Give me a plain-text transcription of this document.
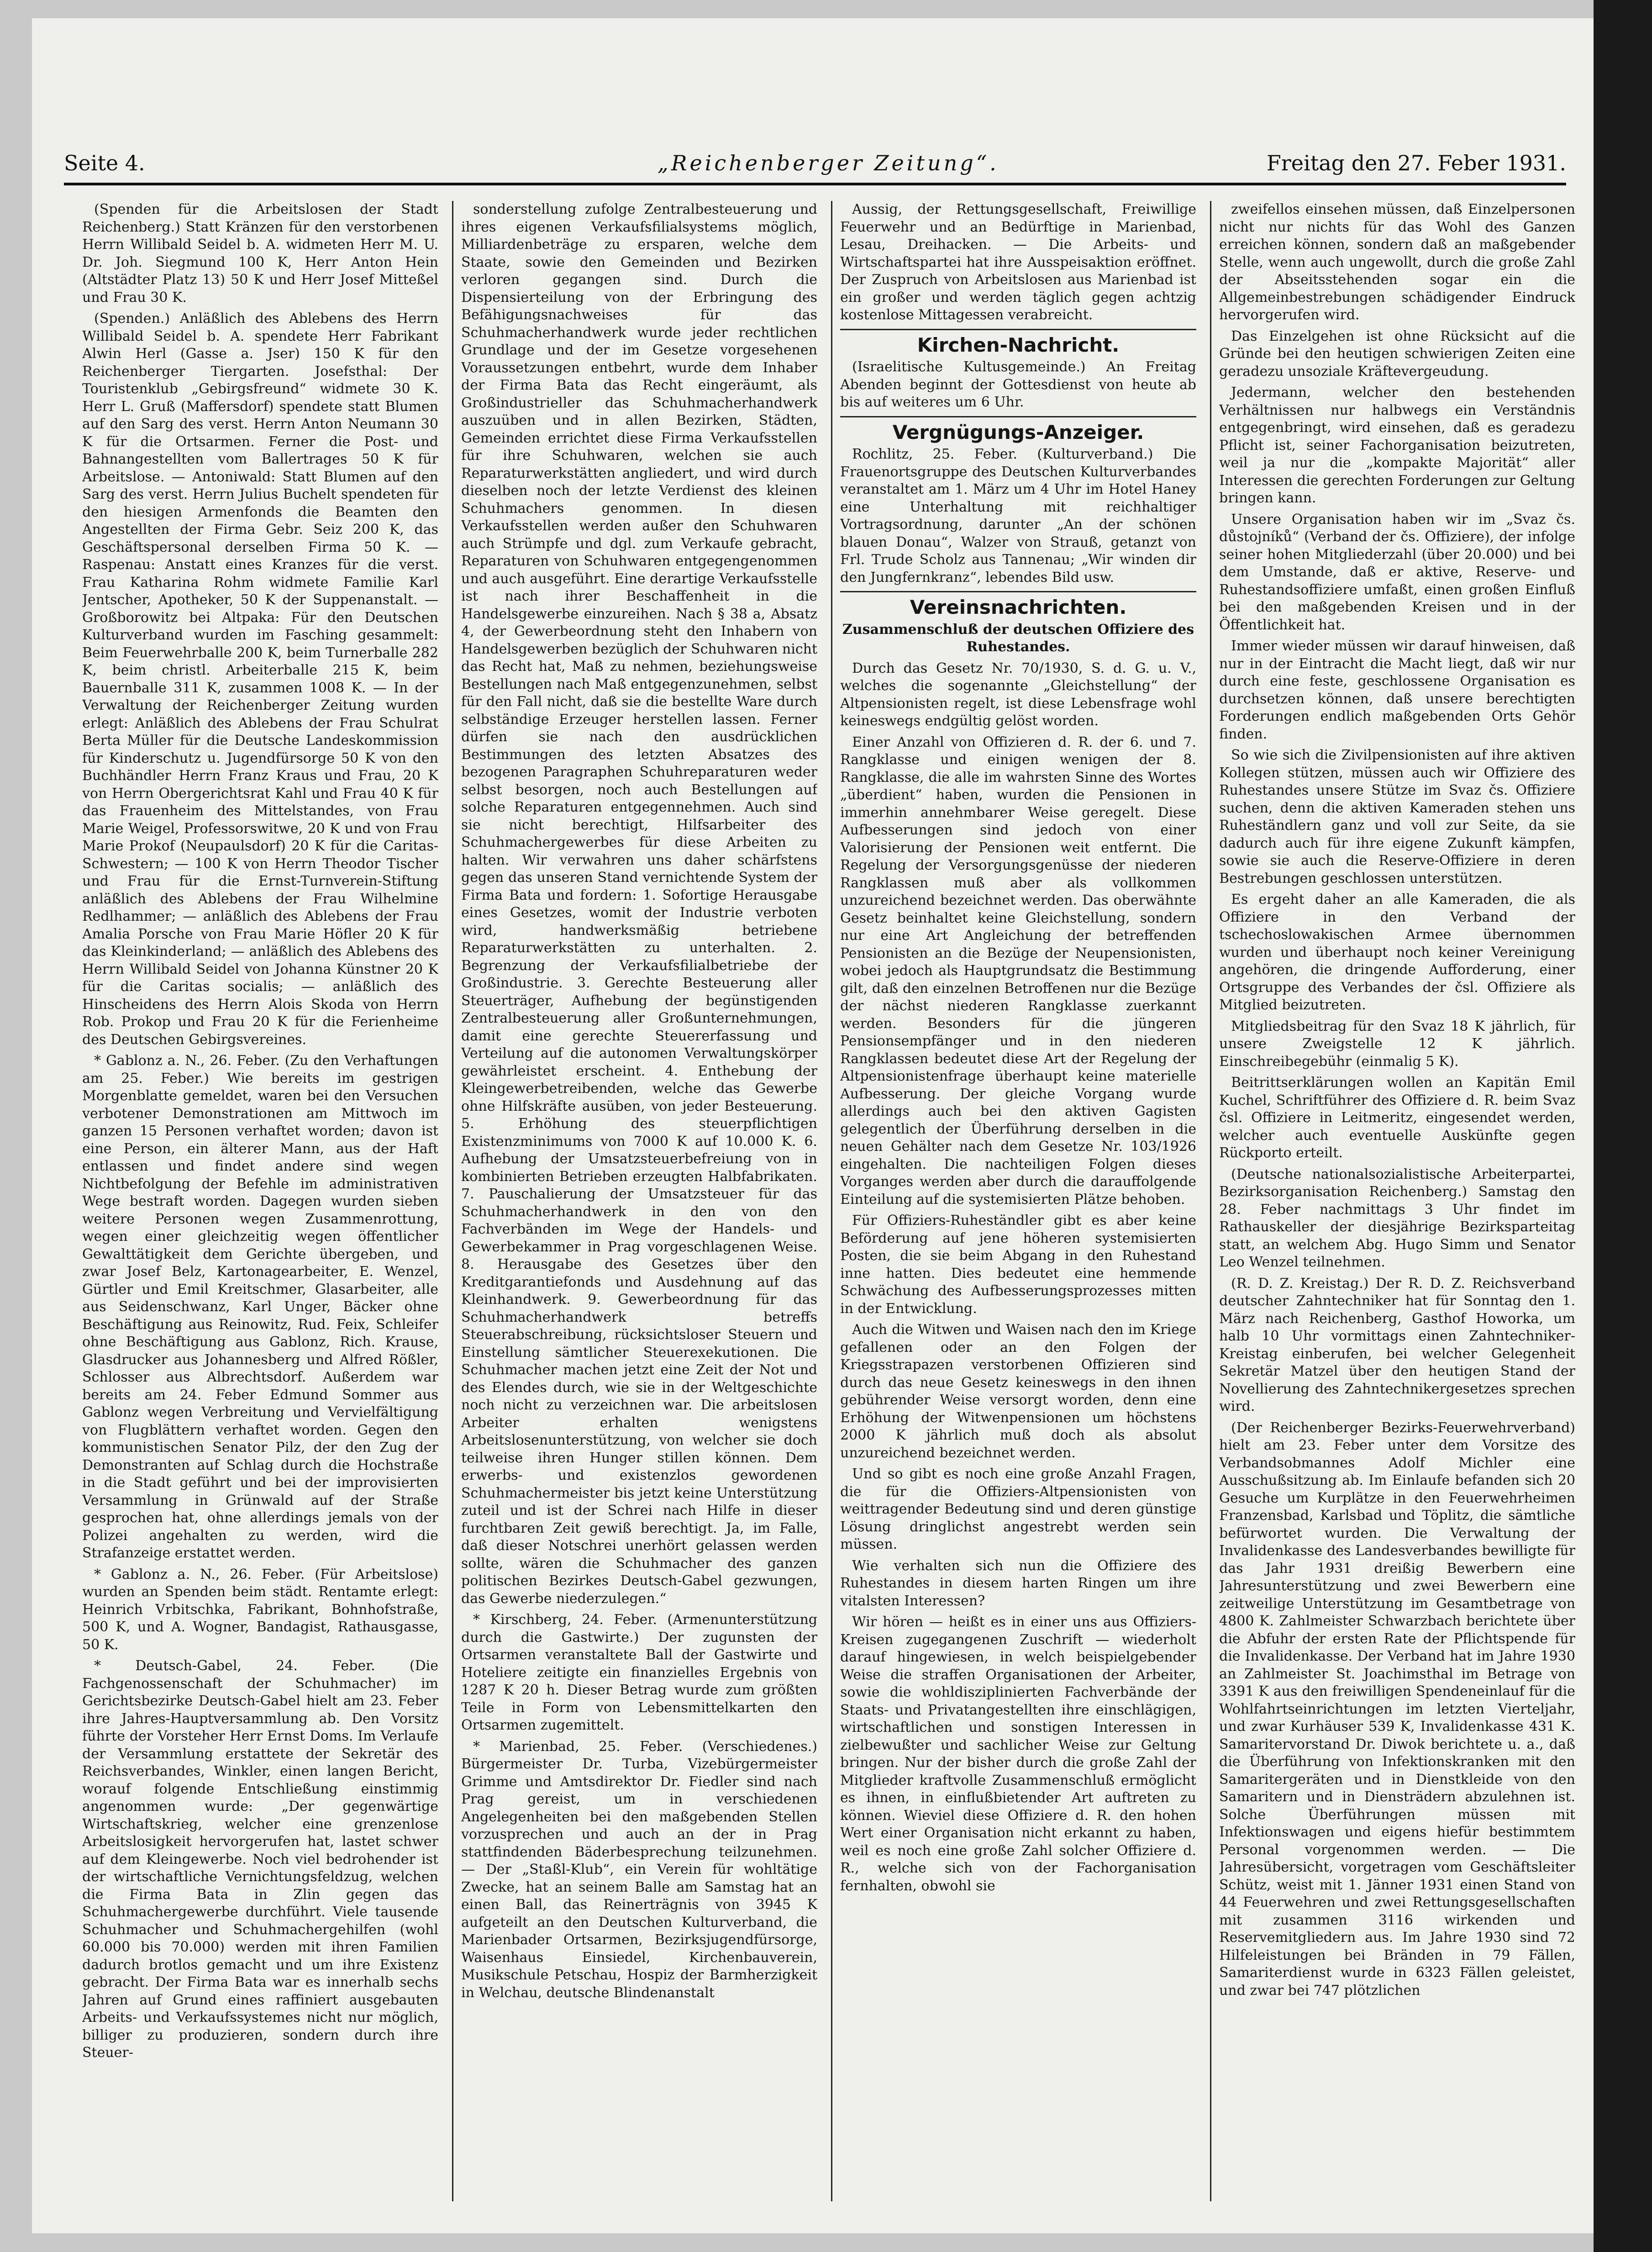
Seite 4.	„Reichenberger Zeitung“.	Freitag den 27. Feber 1931.

(Spenden für die Arbeitslosen der Stadt Reichenberg.) Statt Kränzen für den verstorbenen Herrn Willibald Seidel b. A. widmeten Herr M. U. Dr. Joh. Siegmund 100 K, Herr Anton Hein (Altstädter Platz 13) 50 K und Herr Josef Mitteßel und Frau 30 K.

(Spenden.) Anläßlich des Ablebens des Herrn Willibald Seidel b. A. spendete Herr Fabrikant Alwin Herl (Gasse a. Jser) 150 K für den Reichenberger Tiergarten. Josefsthal: Der Touristenklub „Gebirgsfreund“ widmete 30 K. Herr L. Gruß (Maffersdorf) spendete statt Blumen auf den Sarg des verst. Herrn Anton Neumann 30 K für die Ortsarmen. Ferner die Post- und Bahnangestellten vom Ballertrages 50 K für Arbeitslose. — Antoniwald: Statt Blumen auf den Sarg des verst. Herrn Julius Buchelt spendeten für den hiesigen Armenfonds die Beamten den Angestellten der Firma Gebr. Seiz 200 K, das Geschäftspersonal derselben Firma 50 K. — Raspenau: Anstatt eines Kranzes für die verst. Frau Katharina Rohm widmete Familie Karl Jentscher, Apotheker, 50 K der Suppenanstalt. — Großborowitz bei Altpaka: Für den Deutschen Kulturverband wurden im Fasching gesammelt: Beim Feuerwehrballe 200 K, beim Turnerballe 282 K, beim christl. Arbeiterballe 215 K, beim Bauernballe 311 K, zusammen 1008 K. — In der Verwaltung der Reichenberger Zeitung wurden erlegt: Anläßlich des Ablebens der Frau Schulrat Berta Müller für die Deutsche Landeskommission für Kinderschutz u. Jugendfürsorge 50 K von den Buchhändler Herrn Franz Kraus und Frau, 20 K von Herrn Obergerichtsrat Kahl und Frau 40 K für das Frauenheim des Mittelstandes, von Frau Marie Weigel, Professorswitwe, 20 K und von Frau Marie Prokof (Neupaulsdorf) 20 K für die Caritas-Schwestern; — 100 K von Herrn Theodor Tischer und Frau für die Ernst-Turnverein-Stiftung anläßlich des Ablebens der Frau Wilhelmine Redlhammer; — anläßlich des Ablebens der Frau Amalia Porsche von Frau Marie Höfler 20 K für das Kleinkinderland; — anläßlich des Ablebens des Herrn Willibald Seidel von Johanna Künstner 20 K für die Caritas socialis; — anläßlich des Hinscheidens des Herrn Alois Skoda von Herrn Rob. Prokop und Frau 20 K für die Ferienheime des Deutschen Gebirgsvereines.

* Gablonz a. N., 26. Feber. (Zu den Verhaftungen am 25. Feber.) Wie bereits im gestrigen Morgenblatte gemeldet, waren bei den Versuchen verbotener Demonstrationen am Mittwoch im ganzen 15 Personen verhaftet worden; davon ist eine Person, ein älterer Mann, aus der Haft entlassen und findet andere sind wegen Nichtbefolgung der Befehle im administrativen Wege bestraft worden. Dagegen wurden sieben weitere Personen wegen Zusammenrottung, wegen einer gleichzeitig wegen öffentlicher Gewalttätigkeit dem Gerichte übergeben, und zwar Josef Belz, Kartonagearbeiter, E. Wenzel, Gürtler und Emil Kreitschmer, Glasarbeiter, alle aus Seidenschwanz, Karl Unger, Bäcker ohne Beschäftigung aus Reinowitz, Rud. Feix, Schleifer ohne Beschäftigung aus Gablonz, Rich. Krause, Glasdrucker aus Johannesberg und Alfred Rößler, Schlosser aus Albrechtsdorf. Außerdem war bereits am 24. Feber Edmund Sommer aus Gablonz wegen Verbreitung und Vervielfältigung von Flugblättern verhaftet worden. Gegen den kommunistischen Senator Pilz, der den Zug der Demonstranten auf Schlag durch die Hochstraße in die Stadt geführt und bei der improvisierten Versammlung in Grünwald auf der Straße gesprochen hat, ohne allerdings jemals von der Polizei angehalten zu werden, wird die Strafanzeige erstattet werden.

* Gablonz a. N., 26. Feber. (Für Arbeitslose) wurden an Spenden beim städt. Rentamte erlegt: Heinrich Vrbitschka, Fabrikant, Bohnhofstraße, 500 K, und A. Wogner, Bandagist, Rathausgasse, 50 K.

* Deutsch-Gabel, 24. Feber. (Die Fachgenossenschaft der Schuhmacher) im Gerichtsbezirke Deutsch-Gabel hielt am 23. Feber ihre Jahres-Hauptversammlung ab. Den Vorsitz führte der Vorsteher Herr Ernst Doms. Im Verlaufe der Versammlung erstattete der Sekretär des Reichsverbandes, Winkler, einen langen Bericht, worauf folgende Entschließung einstimmig angenommen wurde: „Der gegenwärtige Wirtschaftskrieg, welcher eine grenzenlose Arbeitslosigkeit hervorgerufen hat, lastet schwer auf dem Kleingewerbe. Noch viel bedrohender ist der wirtschaftliche Vernichtungsfeldzug, welchen die Firma Bata in Zlin gegen das Schuhmachergewerbe durchführt. Viele tausende Schuhmacher und Schuhmachergehilfen (wohl 60.000 bis 70.000) werden mit ihren Familien dadurch brotlos gemacht und um ihre Existenz gebracht. Der Firma Bata war es innerhalb sechs Jahren auf Grund eines raffiniert ausgebauten Arbeits- und Verkaufssystemes nicht nur möglich, billiger zu produzieren, sondern durch ihre Steuer-

sonderstellung zufolge Zentralbesteuerung und ihres eigenen Verkaufsfilialsystems möglich, Milliardenbeträge zu ersparen, welche dem Staate, sowie den Gemeinden und Bezirken verloren gegangen sind. Durch die Dispensierteilung von der Erbringung des Befähigungsnachweises für das Schuhmacherhandwerk wurde jeder rechtlichen Grundlage und der im Gesetze vorgesehenen Voraussetzungen entbehrt, wurde dem Inhaber der Firma Bata das Recht eingeräumt, als Großindustrieller das Schuhmacherhandwerk auszuüben und in allen Bezirken, Städten, Gemeinden errichtet diese Firma Verkaufsstellen für ihre Schuhwaren, welchen sie auch Reparaturwerkstätten angliedert, und wird durch dieselben noch der letzte Verdienst des kleinen Schuhmachers genommen. In diesen Verkaufsstellen werden außer den Schuhwaren auch Strümpfe und dgl. zum Verkaufe gebracht, Reparaturen von Schuhwaren entgegengenommen und auch ausgeführt. Eine derartige Verkaufsstelle ist nach ihrer Beschaffenheit in die Handelsgewerbe einzureihen. Nach § 38 a, Absatz 4, der Gewerbeordnung steht den Inhabern von Handelsgewerben bezüglich der Schuhwaren nicht das Recht hat, Maß zu nehmen, beziehungsweise Bestellungen nach Maß entgegenzunehmen, selbst für den Fall nicht, daß sie die bestellte Ware durch selbständige Erzeuger herstellen lassen. Ferner dürfen sie nach den ausdrücklichen Bestimmungen des letzten Absatzes des bezogenen Paragraphen Schuhreparaturen weder selbst besorgen, noch auch Bestellungen auf solche Reparaturen entgegennehmen. Auch sind sie nicht berechtigt, Hilfsarbeiter des Schuhmachergewerbes für diese Arbeiten zu halten. Wir verwahren uns daher schärfstens gegen das unseren Stand vernichtende System der Firma Bata und fordern: 1. Sofortige Herausgabe eines Gesetzes, womit der Industrie verboten wird, handwerksmäßig betriebene Reparaturwerkstätten zu unterhalten. 2. Begrenzung der Verkaufsfilialbetriebe der Großindustrie. 3. Gerechte Besteuerung aller Steuerträger, Aufhebung der begünstigenden Zentralbesteuerung aller Großunternehmungen, damit eine gerechte Steuererfassung und Verteilung auf die autonomen Verwaltungskörper gewährleistet erscheint. 4. Enthebung der Kleingewerbetreibenden, welche das Gewerbe ohne Hilfskräfte ausüben, von jeder Besteuerung. 5. Erhöhung des steuerpflichtigen Existenzminimums von 7000 K auf 10.000 K. 6. Aufhebung der Umsatzsteuerbefreiung von in kombinierten Betrieben erzeugten Halbfabrikaten. 7. Pauschalierung der Umsatzsteuer für das Schuhmacherhandwerk in den von den Fachverbänden im Wege der Handels- und Gewerbekammer in Prag vorgeschlagenen Weise. 8. Herausgabe des Gesetzes über den Kreditgarantiefonds und Ausdehnung auf das Kleinhandwerk. 9. Gewerbeordnung für das Schuhmacherhandwerk betreffs Steuerabschreibung, rücksichtsloser Steuern und Einstellung sämtlicher Steuerexekutionen. Die Schuhmacher machen jetzt eine Zeit der Not und des Elendes durch, wie sie in der Weltgeschichte noch nicht zu verzeichnen war. Die arbeitslosen Arbeiter erhalten wenigstens Arbeitslosenunterstützung, von welcher sie doch teilweise ihren Hunger stillen können. Dem erwerbs- und existenzlos gewordenen Schuhmachermeister bis jetzt keine Unterstützung zuteil und ist der Schrei nach Hilfe in dieser furchtbaren Zeit gewiß berechtigt. Ja, im Falle, daß dieser Notschrei unerhört gelassen werden sollte, wären die Schuhmacher des ganzen politischen Bezirkes Deutsch-Gabel gezwungen, das Gewerbe niederzulegen.“

* Kirschberg, 24. Feber. (Armenunterstützung durch die Gastwirte.) Der zugunsten der Ortsarmen veranstaltete Ball der Gastwirte und Hoteliere zeitigte ein finanzielles Ergebnis von 1287 K 20 h. Dieser Betrag wurde zum größten Teile in Form von Lebensmittelkarten den Ortsarmen zugemittelt.

* Marienbad, 25. Feber. (Verschiedenes.) Bürgermeister Dr. Turba, Vizebürgermeister Grimme und Amtsdirektor Dr. Fiedler sind nach Prag gereist, um in verschiedenen Angelegenheiten bei den maßgebenden Stellen vorzusprechen und auch an der in Prag stattfindenden Bäderbesprechung teilzunehmen. — Der „Staßl-Klub“, ein Verein für wohltätige Zwecke, hat an seinem Balle am Samstag hat an einen Ball, das Reinerträgnis von 3945 K aufgeteilt an den Deutschen Kulturverband, die Marienbader Ortsarmen, Bezirksjugendfürsorge, Waisenhaus Einsiedel, Kirchenbauverein, Musikschule Petschau, Hospiz der Barmherzigkeit in Welchau, deutsche Blindenanstalt

Aussig, der Rettungsgesellschaft, Freiwillige Feuerwehr und an Bedürftige in Marienbad, Lesau, Dreihacken. — Die Arbeits- und Wirtschaftspartei hat ihre Ausspeisaktion eröffnet. Der Zuspruch von Arbeitslosen aus Marienbad ist ein großer und werden täglich gegen achtzig kostenlose Mittagessen verabreicht.

Kirchen-Nachricht.

(Israelitische Kultusgemeinde.) An Freitag Abenden beginnt der Gottesdienst von heute ab bis auf weiteres um 6 Uhr.

Vergnügungs-Anzeiger.

Rochlitz, 25. Feber. (Kulturverband.) Die Frauenortsgruppe des Deutschen Kulturverbandes veranstaltet am 1. März um 4 Uhr im Hotel Haney eine Unterhaltung mit reichhaltiger Vortragsordnung, darunter „An der schönen blauen Donau“, Walzer von Strauß, getanzt von Frl. Trude Scholz aus Tannenau; „Wir winden dir den Jungfernkranz“, lebendes Bild usw.

Vereinsnachrichten.
Zusammenschluß der deutschen Offiziere des Ruhestandes.

Durch das Gesetz Nr. 70/1930, S. d. G. u. V., welches die sogenannte „Gleichstellung“ der Altpensionisten regelt, ist diese Lebensfrage wohl keineswegs endgültig gelöst worden.

Einer Anzahl von Offizieren d. R. der 6. und 7. Rangklasse und einigen wenigen der 8. Rangklasse, die alle im wahrsten Sinne des Wortes „überdient“ haben, wurden die Pensionen in immerhin annehmbarer Weise geregelt. Diese Aufbesserungen sind jedoch von einer Valorisierung der Pensionen weit entfernt. Die Regelung der Versorgungsgenüsse der niederen Rangklassen muß aber als vollkommen unzureichend bezeichnet werden. Das oberwähnte Gesetz beinhaltet keine Gleichstellung, sondern nur eine Art Angleichung der betreffenden Pensionisten an die Bezüge der Neupensionisten, wobei jedoch als Hauptgrundsatz die Bestimmung gilt, daß den einzelnen Betroffenen nur die Bezüge der nächst niederen Rangklasse zuerkannt werden. Besonders für die jüngeren Pensionsempfänger und in den niederen Rangklassen bedeutet diese Art der Regelung der Altpensionistenfrage überhaupt keine materielle Aufbesserung. Der gleiche Vorgang wurde allerdings auch bei den aktiven Gagisten gelegentlich der Überführung derselben in die neuen Gehälter nach dem Gesetze Nr. 103/1926 eingehalten. Die nachteiligen Folgen dieses Vorganges werden aber durch die darauffolgende Einteilung auf die systemisierten Plätze behoben.

Für Offiziers-Ruheständler gibt es aber keine Beförderung auf jene höheren systemisierten Posten, die sie beim Abgang in den Ruhestand inne hatten. Dies bedeutet eine hemmende Schwächung des Aufbesserungsprozesses mitten in der Entwicklung.

Auch die Witwen und Waisen nach den im Kriege gefallenen oder an den Folgen der Kriegsstrapazen verstorbenen Offizieren sind durch das neue Gesetz keineswegs in den ihnen gebührender Weise versorgt worden, denn eine Erhöhung der Witwenpensionen um höchstens 2000 K jährlich muß doch als absolut unzureichend bezeichnet werden.

Und so gibt es noch eine große Anzahl Fragen, die für die Offiziers-Altpensionisten von weittragender Bedeutung sind und deren günstige Lösung dringlichst angestrebt werden sein müssen.

Wie verhalten sich nun die Offiziere des Ruhestandes in diesem harten Ringen um ihre vitalsten Interessen?

Wir hören — heißt es in einer uns aus Offiziers-Kreisen zugegangenen Zuschrift — wiederholt darauf hingewiesen, in welch beispielgebender Weise die straffen Organisationen der Arbeiter, sowie die wohldisziplinierten Fachverbände der Staats- und Privatangestellten ihre einschlägigen, wirtschaftlichen und sonstigen Interessen in zielbewußter und sachlicher Weise zur Geltung bringen. Nur der bisher durch die große Zahl der Mitglieder kraftvolle Zusammenschluß ermöglicht es ihnen, in einflußbietender Art auftreten zu können. Wieviel diese Offiziere d. R. den hohen Wert einer Organisation nicht erkannt zu haben, weil es noch eine große Zahl solcher Offiziere d. R., welche sich von der Fachorganisation fernhalten, obwohl sie

zweifellos einsehen müssen, daß Einzelpersonen nicht nur nichts für das Wohl des Ganzen erreichen können, sondern daß an maßgebender Stelle, wenn auch ungewollt, durch die große Zahl der Abseitsstehenden sogar ein die Allgemeinbestrebungen schädigender Eindruck hervorgerufen wird.

Das Einzelgehen ist ohne Rücksicht auf die Gründe bei den heutigen schwierigen Zeiten eine geradezu unsoziale Kräftevergeudung.

Jedermann, welcher den bestehenden Verhältnissen nur halbwegs ein Verständnis entgegenbringt, wird einsehen, daß es geradezu Pflicht ist, seiner Fachorganisation beizutreten, weil ja nur die „kompakte Majorität“ aller Interessen die gerechten Forderungen zur Geltung bringen kann.

Unsere Organisation haben wir im „Svaz čs. důstojníků“ (Verband der čs. Offiziere), der infolge seiner hohen Mitgliederzahl (über 20.000) und bei dem Umstande, daß er aktive, Reserve- und Ruhestandsoffiziere umfaßt, einen großen Einfluß bei den maßgebenden Kreisen und in der Öffentlichkeit hat.

Immer wieder müssen wir darauf hinweisen, daß nur in der Eintracht die Macht liegt, daß wir nur durch eine feste, geschlossene Organisation es durchsetzen können, daß unsere berechtigten Forderungen endlich maßgebenden Orts Gehör finden.

So wie sich die Zivilpensionisten auf ihre aktiven Kollegen stützen, müssen auch wir Offiziere des Ruhestandes unsere Stütze im Svaz čs. Offiziere suchen, denn die aktiven Kameraden stehen uns Ruheständlern ganz und voll zur Seite, da sie dadurch auch für ihre eigene Zukunft kämpfen, sowie sie auch die Reserve-Offiziere in deren Bestrebungen geschlossen unterstützen.

Es ergeht daher an alle Kameraden, die als Offiziere in den Verband der tschechoslowakischen Armee übernommen wurden und überhaupt noch keiner Vereinigung angehören, die dringende Aufforderung, einer Ortsgruppe des Verbandes der čsl. Offiziere als Mitglied beizutreten.

Mitgliedsbeitrag für den Svaz 18 K jährlich, für unsere Zweigstelle 12 K jährlich. Einschreibegebühr (einmalig 5 K).

Beitrittserklärungen wollen an Kapitän Emil Kuchel, Schriftführer des Offiziere d. R. beim Svaz čsl. Offiziere in Leitmeritz, eingesendet werden, welcher auch eventuelle Auskünfte gegen Rückporto erteilt.

(Deutsche nationalsozialistische Arbeiterpartei, Bezirksorganisation Reichenberg.) Samstag den 28. Feber nachmittags 3 Uhr findet im Rathauskeller der diesjährige Bezirksparteitag statt, an welchem Abg. Hugo Simm und Senator Leo Wenzel teilnehmen.

(R. D. Z. Kreistag.) Der R. D. Z. Reichsverband deutscher Zahntechniker hat für Sonntag den 1. März nach Reichenberg, Gasthof Howorka, um halb 10 Uhr vormittags einen Zahntechniker-Kreistag einberufen, bei welcher Gelegenheit Sekretär Matzel über den heutigen Stand der Novellierung des Zahntechnikergesetzes sprechen wird.

(Der Reichenberger Bezirks-Feuerwehrverband) hielt am 23. Feber unter dem Vorsitze des Verbandsobmannes Adolf Michler eine Ausschußsitzung ab. Im Einlaufe befanden sich 20 Gesuche um Kurplätze in den Feuerwehrheimen Franzensbad, Karlsbad und Töplitz, die sämtliche befürwortet wurden. Die Verwaltung der Invalidenkasse des Landesverbandes bewilligte für das Jahr 1931 dreißig Bewerbern eine Jahresunterstützung und zwei Bewerbern eine zeitweilige Unterstützung im Gesamtbetrage von 4800 K. Zahlmeister Schwarzbach berichtete über die Abfuhr der ersten Rate der Pflichtspende für die Invalidenkasse. Der Verband hat im Jahre 1930 an Zahlmeister St. Joachimsthal im Betrage von 3391 K aus den freiwilligen Spendeneinlauf für die Wohlfahrtseinrichtungen im letzten Vierteljahr, und zwar Kurhäuser 539 K, Invalidenkasse 431 K. Samaritervorstand Dr. Diwok berichtete u. a., daß die Überführung von Infektionskranken mit den Samaritergeräten und in Dienstkleide von den Samaritern und in Diensträdern abzulehnen ist. Solche Überführungen müssen mit Infektionswagen und eigens hiefür bestimmtem Personal vorgenommen werden. — Die Jahresübersicht, vorgetragen vom Geschäftsleiter Schütz, weist mit 1. Jänner 1931 einen Stand von 44 Feuerwehren und zwei Rettungsgesellschaften mit zusammen 3116 wirkenden und Reservemitgliedern aus. Im Jahre 1930 sind 72 Hilfeleistungen bei Bränden in 79 Fällen, Samariterdienst wurde in 6323 Fällen geleistet, und zwar bei 747 plötzlichen
